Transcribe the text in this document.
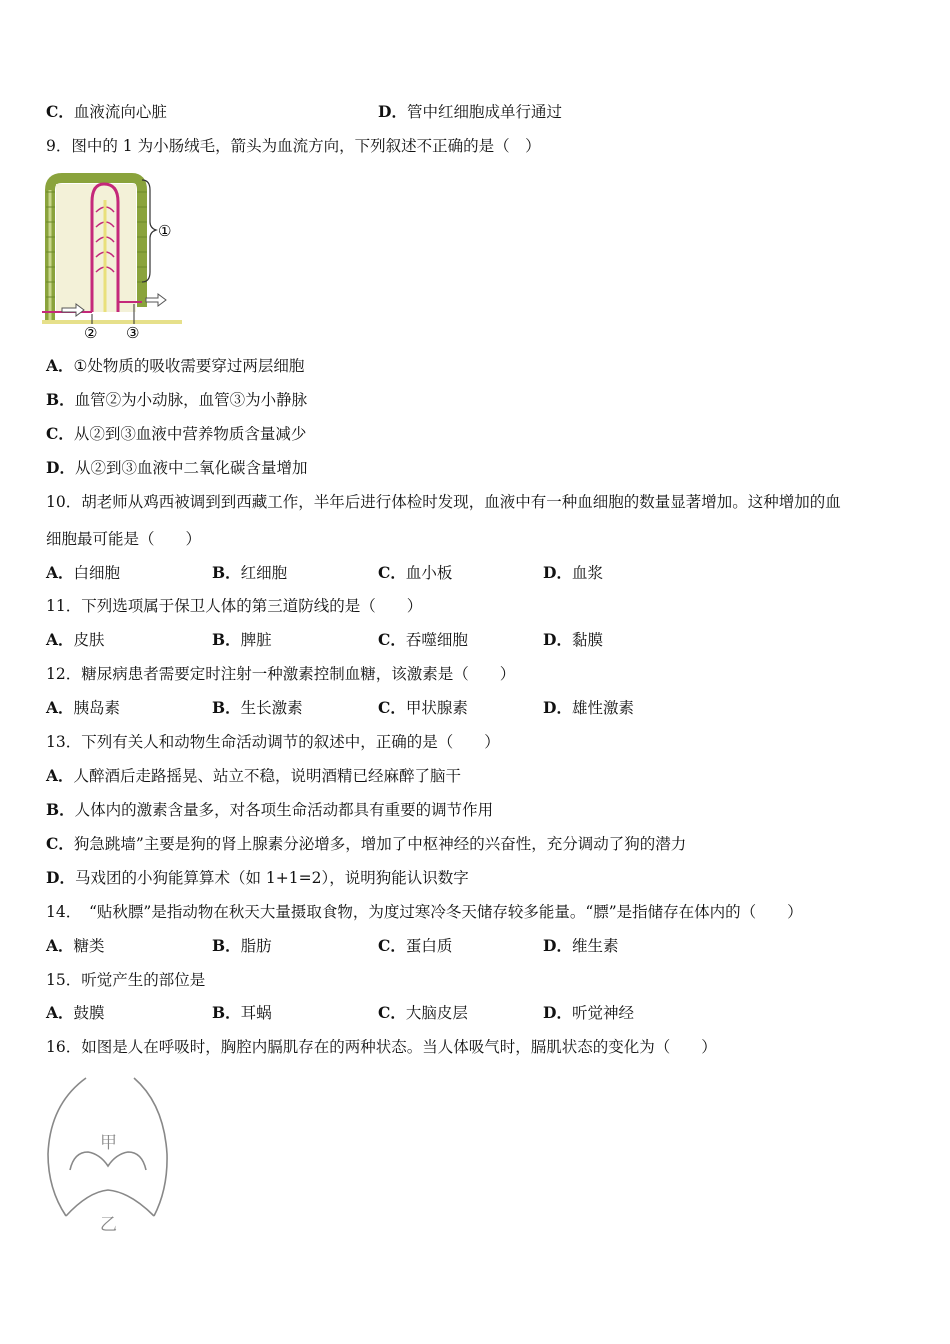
C．血液流向心脏	D．管中红细胞成单行通过
9．图中的 1 为小肠绒毛，箭头为血流方向，下列叙述不正确的是（　）
①
② ③
A．①处物质的吸收需要穿过两层细胞
B．血管②为小动脉，血管③为小静脉
C．从②到③血液中营养物质含量减少
D．从②到③血液中二氧化碳含量增加
10．胡老师从鸡西被调到到西藏工作，半年后进行体检时发现，血液中有一种血细胞的数量显著增加。这种增加的血
细胞最可能是（　　）
A．白细胞	B．红细胞	C．血小板	D．血浆
11．下列选项属于保卫人体的第三道防线的是（　　）
A．皮肤	B．脾脏	C．吞噬细胞	D．黏膜
12．糖尿病患者需要定时注射一种激素控制血糖，该激素是（　　）
A．胰岛素	B．生长激素	C．甲状腺素	D．雄性激素
13．下列有关人和动物生命活动调节的叙述中，正确的是（　　）
A．人醉酒后走路摇晃、站立不稳，说明酒精已经麻醉了脑干
B．人体内的激素含量多，对各项生命活动都具有重要的调节作用
C．狗急跳墙”主要是狗的肾上腺素分泌增多，增加了中枢神经的兴奋性，充分调动了狗的潜力
D．马戏团的小狗能算算术（如 1+1=2），说明狗能认识数字
14．　“贴秋膘”是指动物在秋天大量摄取食物，为度过寒冷冬天储存较多能量。“膘”是指储存在体内的（　　）
A．糖类	B．脂肪	C．蛋白质	D．维生素
15．听觉产生的部位是
A．鼓膜	B．耳蜗	C．大脑皮层	D．听觉神经
16．如图是人在呼吸时，胸腔内膈肌存在的两种状态。当人体吸气时，膈肌状态的变化为（　　）
甲
乙
